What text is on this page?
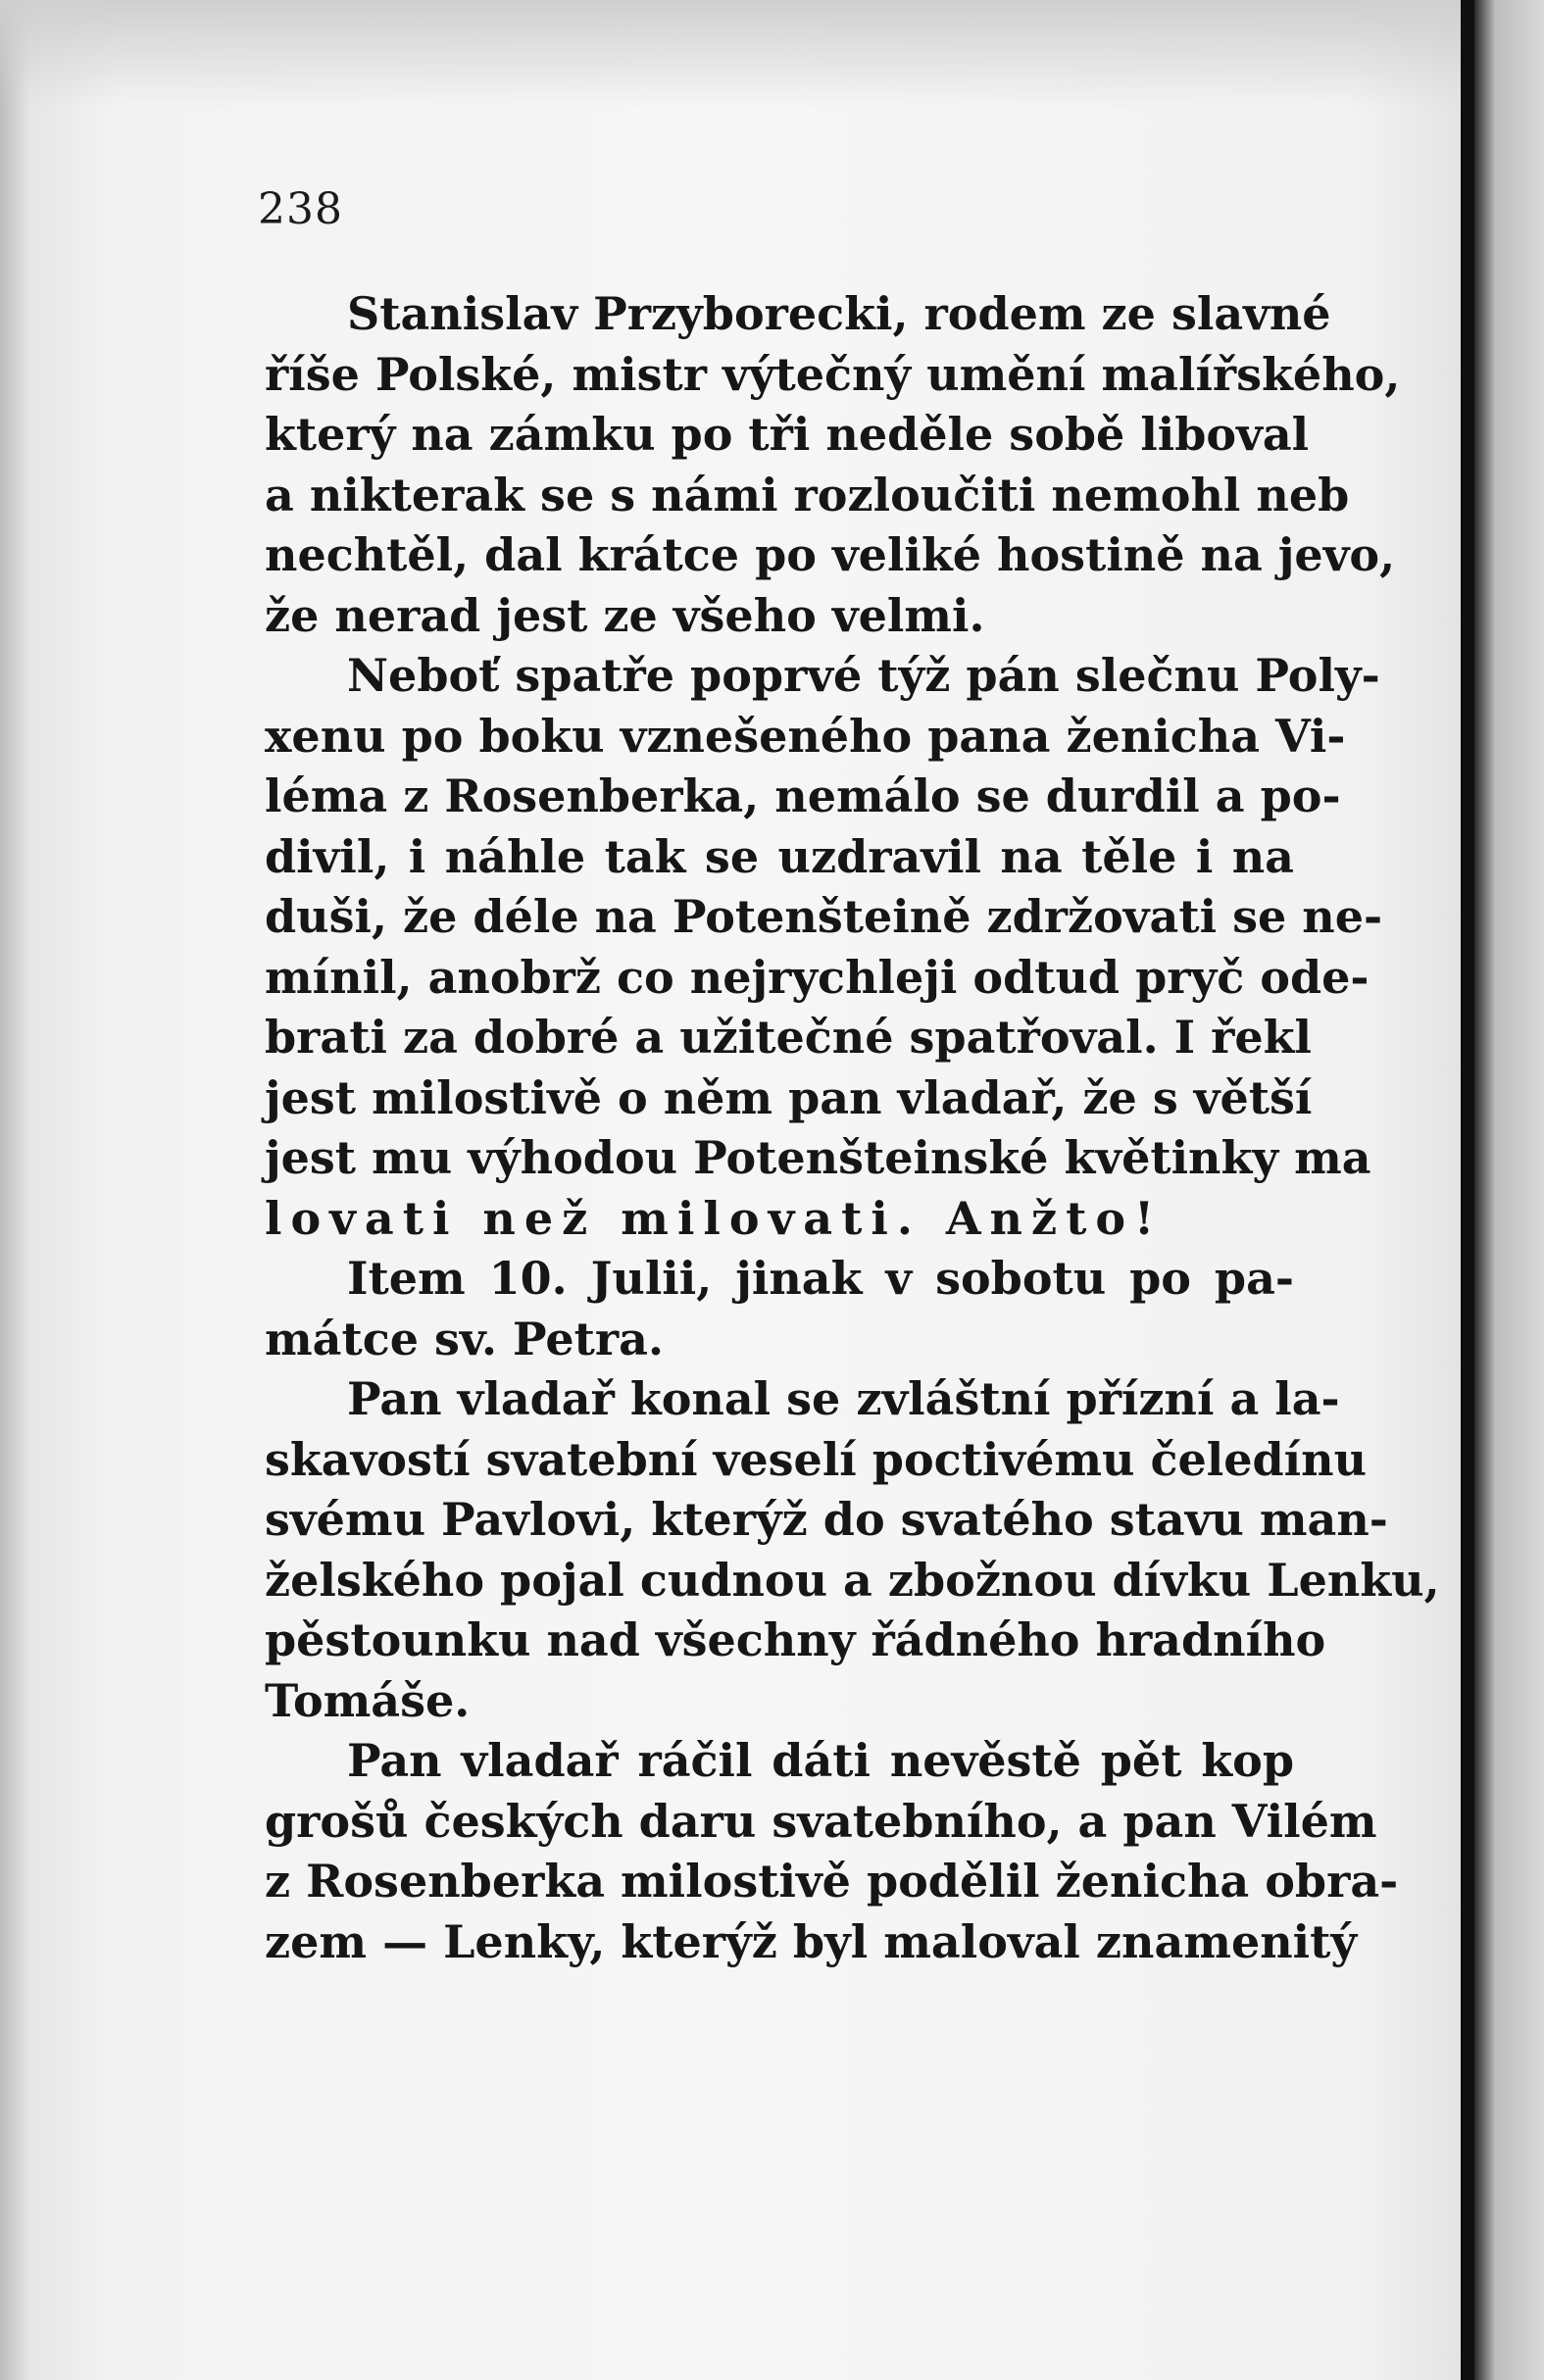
238
Stanislav Przyborecki, rodem ze slavné
říše Polské, mistr výtečný umění malířského,
který na zámku po tři neděle sobě liboval
a nikterak se s námi rozloučiti nemohl neb
nechtěl, dal krátce po veliké hostině na jevo,
že nerad jest ze všeho velmi.
Neboť spatře poprvé týž pán slečnu Poly-
xenu po boku vznešeného pana ženicha Vi-
léma z Rosenberka, nemálo se durdil a po-
divil, i náhle tak se uzdravil na těle i na
duši, že déle na Potenšteině zdržovati se ne-
mínil, anobrž co nejrychleji odtud pryč ode-
brati za dobré a užitečné spatřoval. I řekl
jest milostivě o něm pan vladař, že s větší
jest mu výhodou Potenšteinské květinky ma
lovati než milovati. Anžto!
Item 10. Julii, jinak v sobotu po pa-
mátce sv. Petra.
Pan vladař konal se zvláštní přízní a la-
skavostí svatební veselí poctivému čeledínu
svému Pavlovi, kterýž do svatého stavu man-
želského pojal cudnou a zbožnou dívku Lenku,
pěstounku nad všechny řádného hradního
Tomáše.
Pan vladař ráčil dáti nevěstě pět kop
grošů českých daru svatebního, a pan Vilém
z Rosenberka milostivě podělil ženicha obra-
zem — Lenky, kterýž byl maloval znamenitý
